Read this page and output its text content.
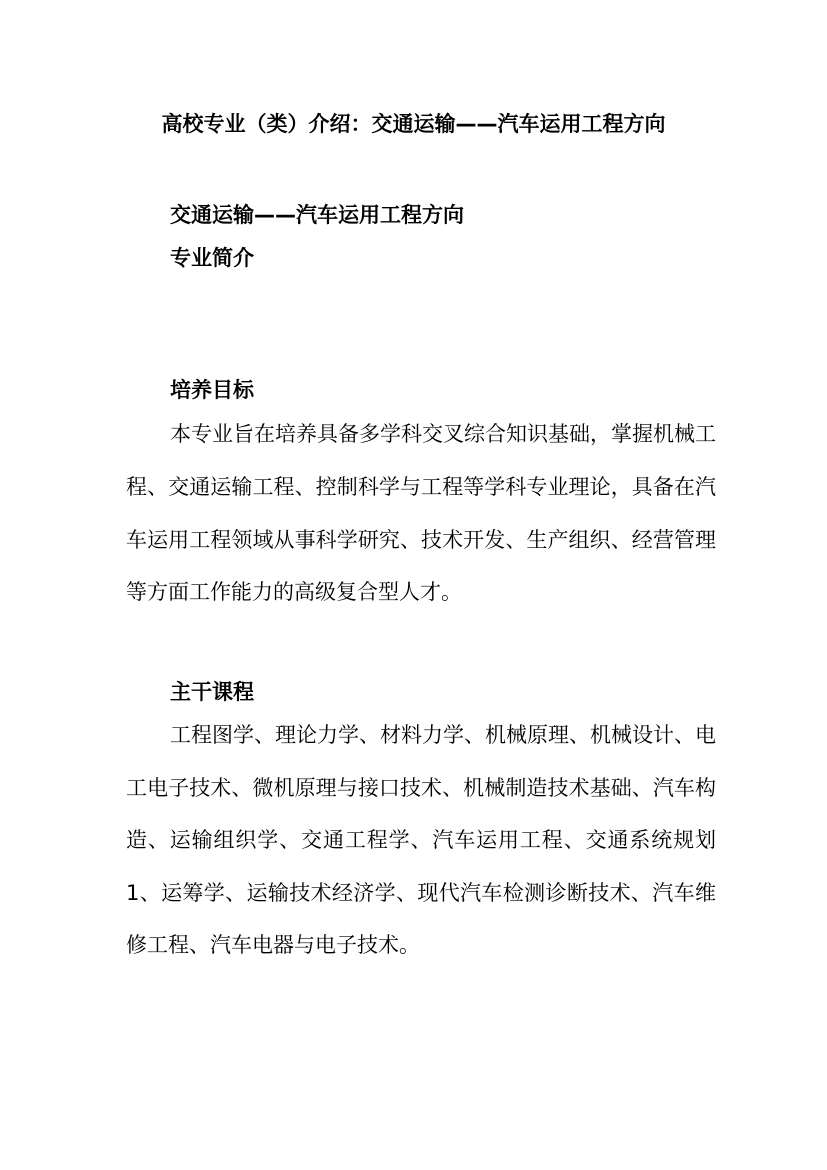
高校专业（类）介绍：交通运输——汽车运用工程方向
交通运输——汽车运用工程方向
专业简介
培养目标

本专业旨在培养具备多学科交叉综合知识基础，掌握机械工程、交通运输工程、控制科学与工程等学科专业理论，具备在汽车运用工程领域从事科学研究、技术开发、生产组织、经营管理等方面工作能力的高级复合型人才。

主干课程

工程图学、理论力学、材料力学、机械原理、机械设计、电工电子技术、微机原理与接口技术、机械制造技术基础、汽车构造、运输组织学、交通工程学、汽车运用工程、交通系统规划 1、运筹学、运输技术经济学、现代汽车检测诊断技术、汽车维修工程、汽车电器与电子技术。
